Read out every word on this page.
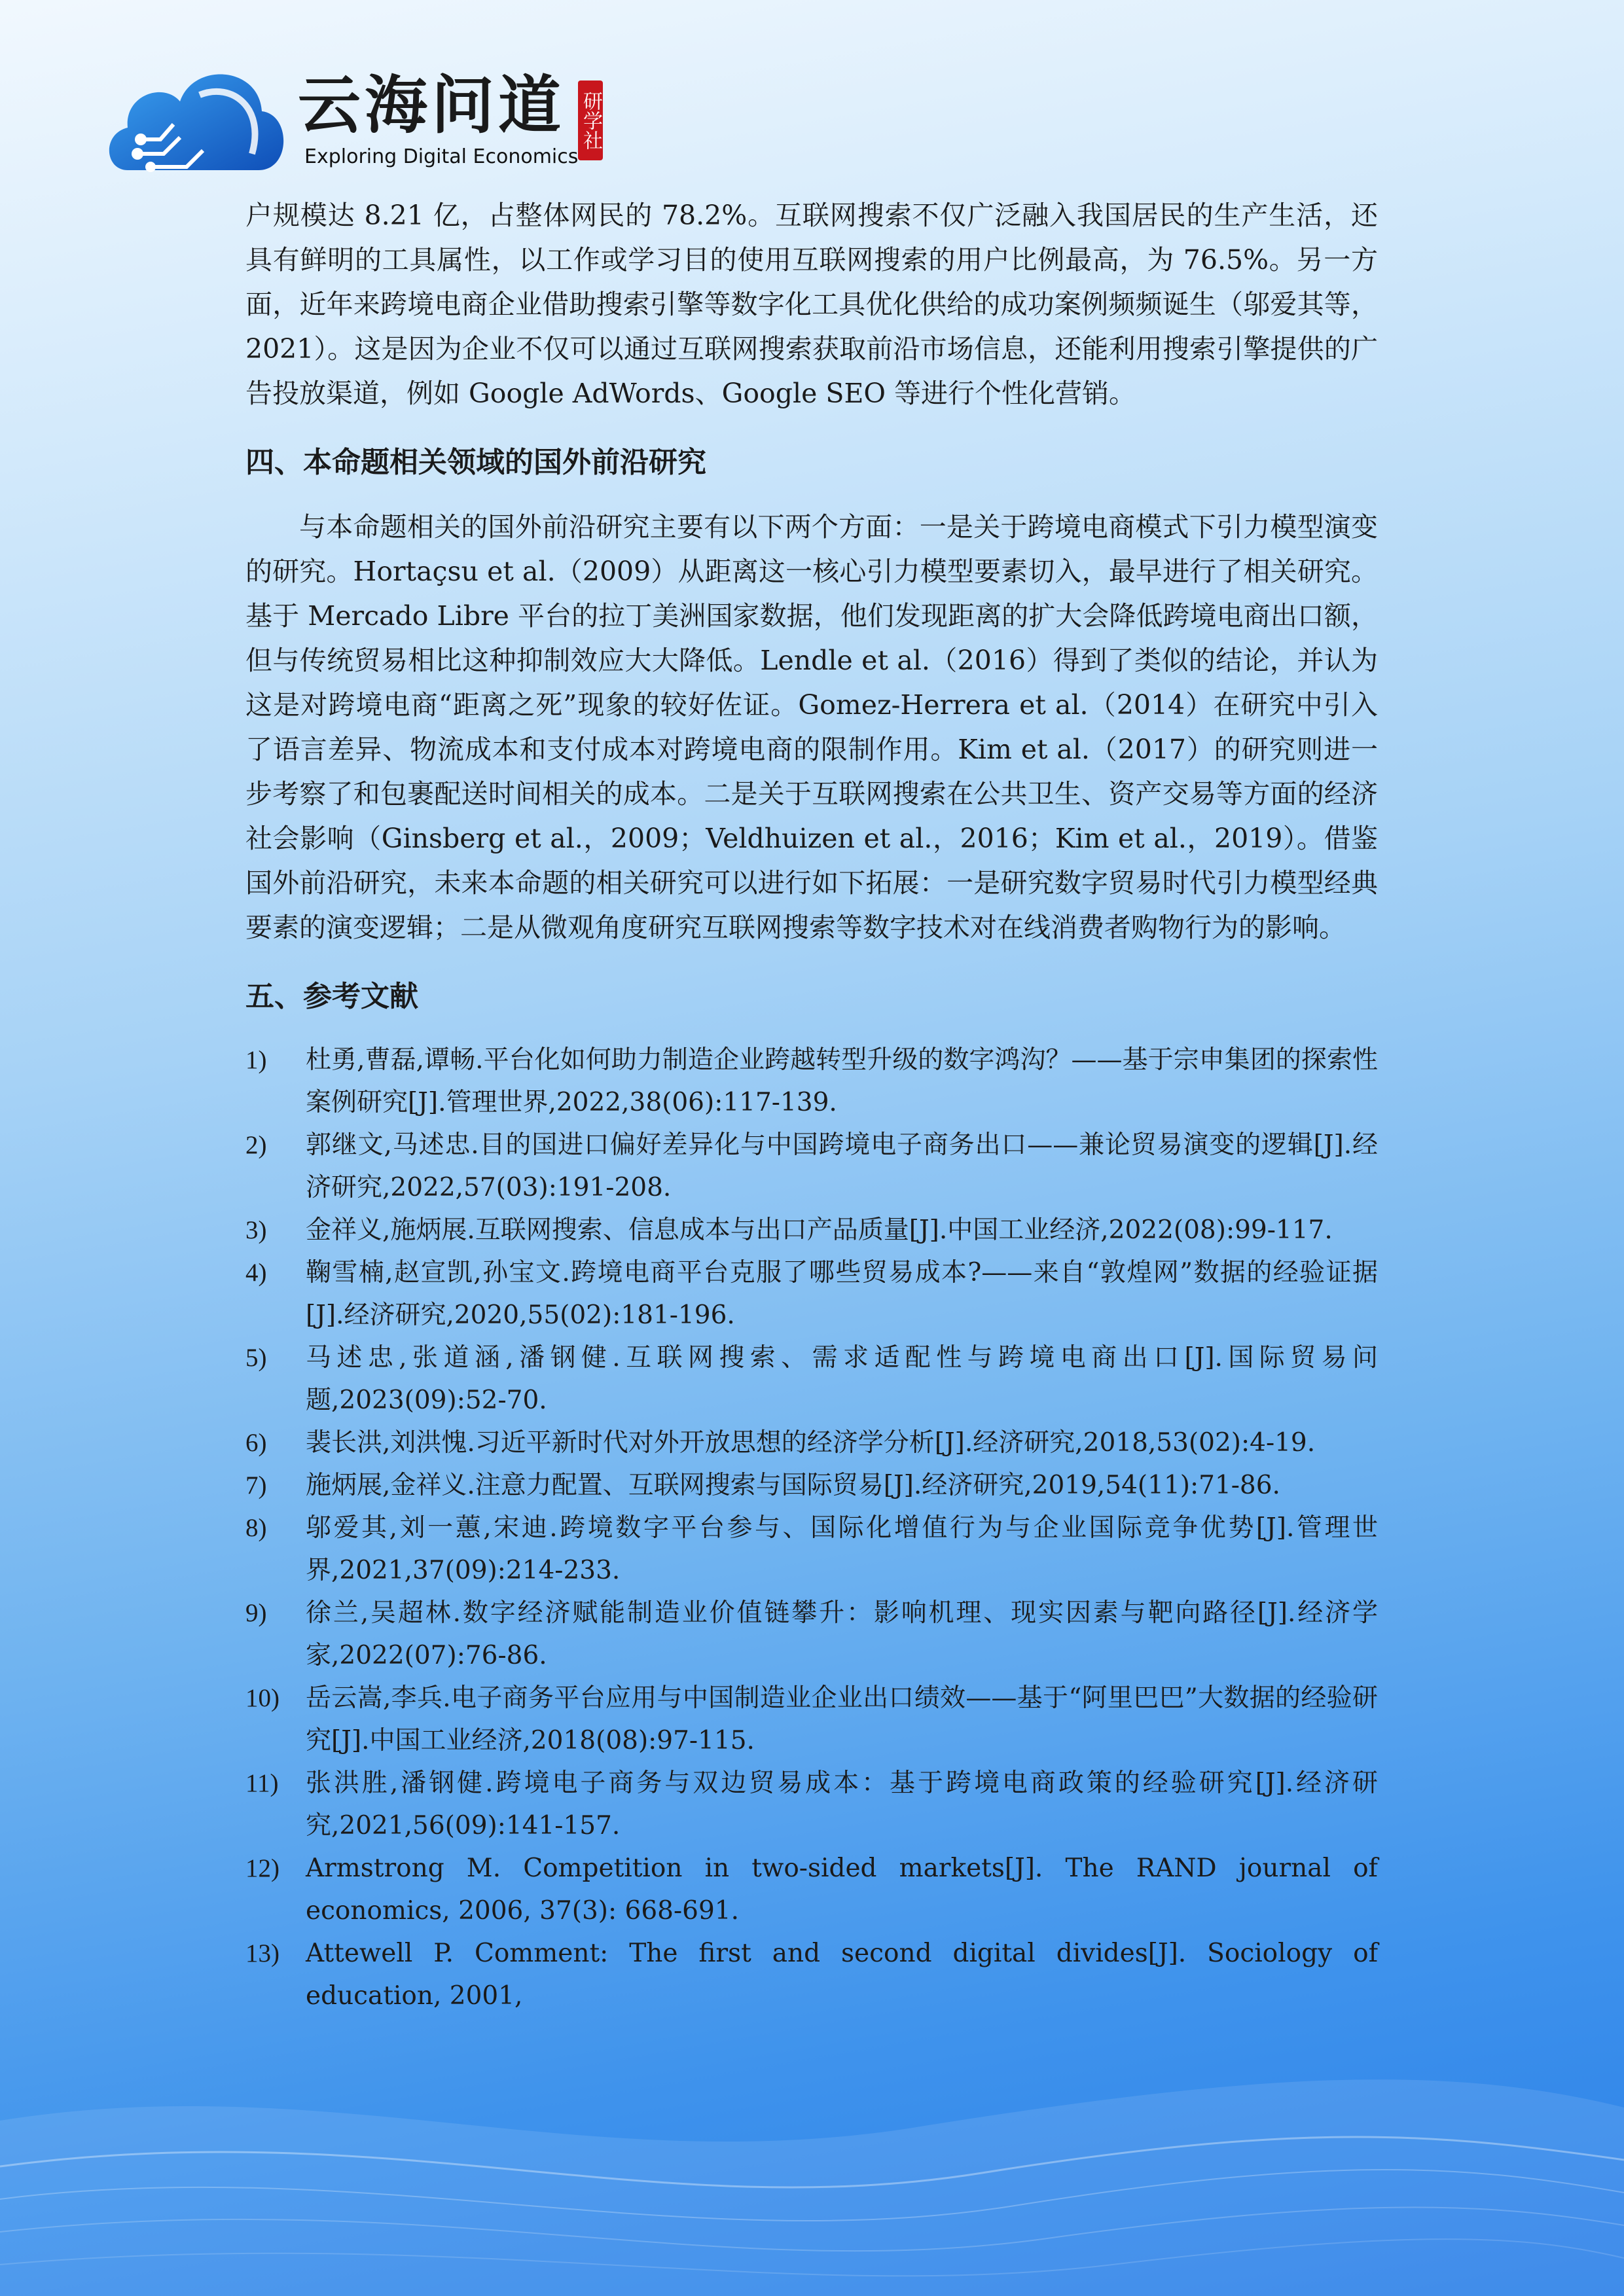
云海问道
Exploring Digital Economics
研学社

户规模达 8.21 亿，占整体网民的 78.2%。互联网搜索不仅广泛融入我国居民的生产生活，还具有鲜明的工具属性，以工作或学习目的使用互联网搜索的用户比例最高，为 76.5%。另一方面，近年来跨境电商企业借助搜索引擎等数字化工具优化供给的成功案例频频诞生（邬爱其等，2021）。这是因为企业不仅可以通过互联网搜索获取前沿市场信息，还能利用搜索引擎提供的广告投放渠道，例如 Google AdWords、Google SEO 等进行个性化营销。

四、本命题相关领域的国外前沿研究

与本命题相关的国外前沿研究主要有以下两个方面：一是关于跨境电商模式下引力模型演变的研究。Hortaçsu et al.（2009）从距离这一核心引力模型要素切入，最早进行了相关研究。基于 Mercado Libre 平台的拉丁美洲国家数据，他们发现距离的扩大会降低跨境电商出口额，但与传统贸易相比这种抑制效应大大降低。Lendle et al.（2016）得到了类似的结论，并认为这是对跨境电商“距离之死”现象的较好佐证。Gomez-Herrera et al.（2014）在研究中引入了语言差异、物流成本和支付成本对跨境电商的限制作用。Kim et al.（2017）的研究则进一步考察了和包裹配送时间相关的成本。二是关于互联网搜索在公共卫生、资产交易等方面的经济社会影响（Ginsberg et al.，2009；Veldhuizen et al.，2016；Kim et al.，2019）。借鉴国外前沿研究，未来本命题的相关研究可以进行如下拓展：一是研究数字贸易时代引力模型经典要素的演变逻辑；二是从微观角度研究互联网搜索等数字技术对在线消费者购物行为的影响。

五、参考文献
1) 杜勇,曹磊,谭畅.平台化如何助力制造企业跨越转型升级的数字鸿沟？——基于宗申集团的探索性案例研究[J].管理世界,2022,38(06):117-139.
2) 郭继文,马述忠.目的国进口偏好差异化与中国跨境电子商务出口——兼论贸易演变的逻辑[J].经济研究,2022,57(03):191-208.
3) 金祥义,施炳展.互联网搜索、信息成本与出口产品质量[J].中国工业经济,2022(08):99-117.
4) 鞠雪楠,赵宣凯,孙宝文.跨境电商平台克服了哪些贸易成本?——来自“敦煌网”数据的经验证据[J].经济研究,2020,55(02):181-196.
5) 马述忠,张道涵,潘钢健.互联网搜索、需求适配性与跨境电商出口[J].国际贸易问题,2023(09):52-70.
6) 裴长洪,刘洪愧.习近平新时代对外开放思想的经济学分析[J].经济研究,2018,53(02):4-19.
7) 施炳展,金祥义.注意力配置、互联网搜索与国际贸易[J].经济研究,2019,54(11):71-86.
8) 邬爱其,刘一蕙,宋迪.跨境数字平台参与、国际化增值行为与企业国际竞争优势[J].管理世界,2021,37(09):214-233.
9) 徐兰,吴超林.数字经济赋能制造业价值链攀升：影响机理、现实因素与靶向路径[J].经济学家,2022(07):76-86.
10) 岳云嵩,李兵.电子商务平台应用与中国制造业企业出口绩效——基于“阿里巴巴”大数据的经验研究[J].中国工业经济,2018(08):97-115.
11) 张洪胜,潘钢健.跨境电子商务与双边贸易成本：基于跨境电商政策的经验研究[J].经济研究,2021,56(09):141-157.
12) Armstrong M. Competition in two‐sided markets[J]. The RAND journal of economics, 2006, 37(3): 668-691.
13) Attewell P. Comment: The first and second digital divides[J]. Sociology of education, 2001,
